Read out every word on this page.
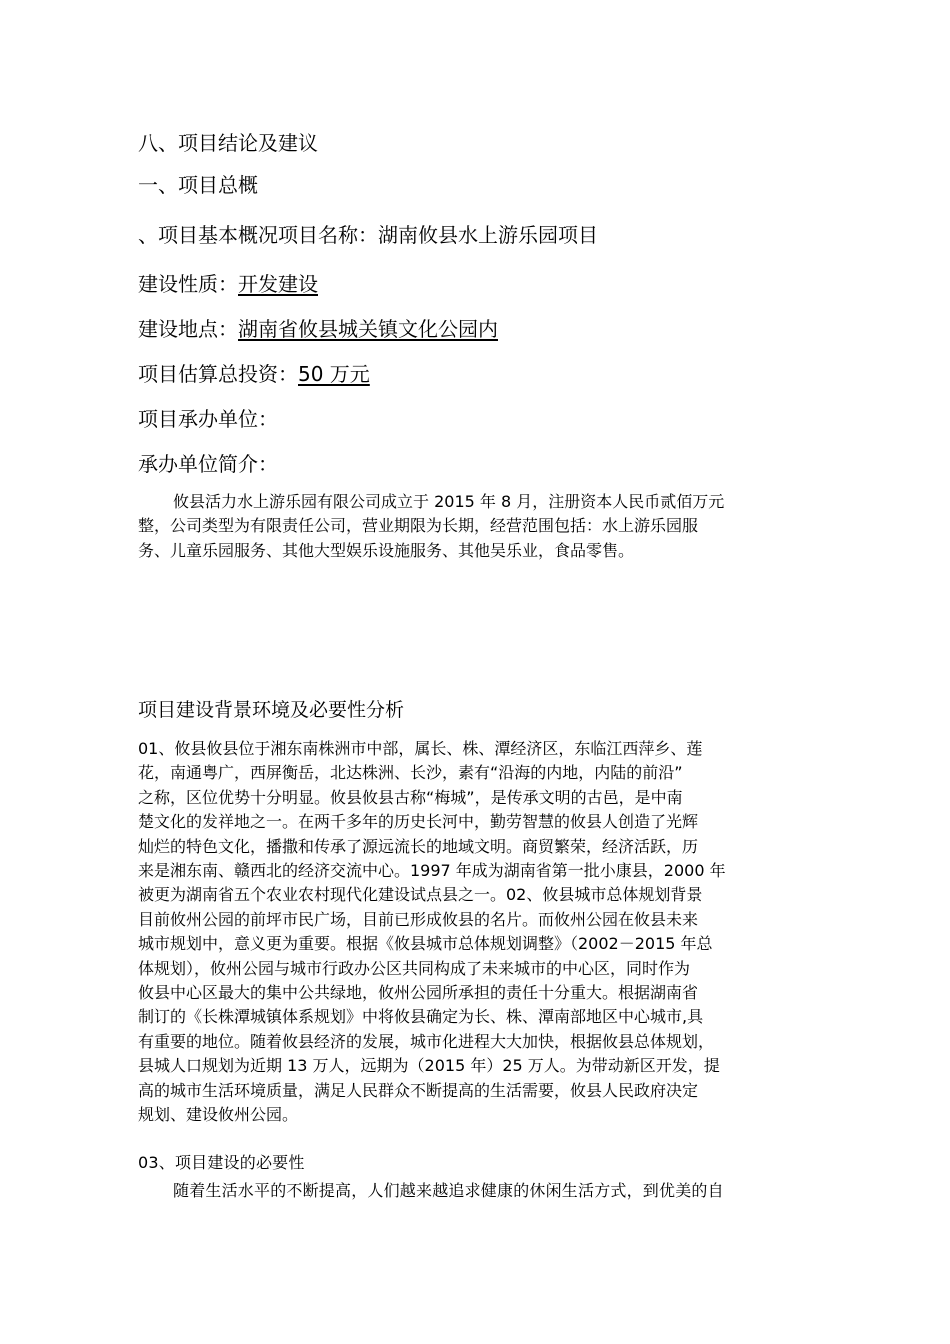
八、项目结论及建议
一、项目总概
、项目基本概况项目名称：湖南攸县水上游乐园项目
建设性质：开发建设
建设地点：湖南省攸县城关镇文化公园内
项目估算总投资：50 万元
项目承办单位：
承办单位简介：
攸县活力水上游乐园有限公司成立于 2015 年 8 月，注册资本人民币贰佰万元
整，公司类型为有限责任公司，营业期限为长期，经营范围包括：水上游乐园服
务、儿童乐园服务、其他大型娱乐设施服务、其他吴乐业，食品零售。
项目建设背景环境及必要性分析
01、攸县攸县位于湘东南株洲市中部，属长、株、潭经济区，东临江西萍乡、莲
花，南通粤广，西屏衡岳，北达株洲、长沙，素有“沿海的内地，内陆的前沿”
之称，区位优势十分明显。攸县攸县古称“梅城”，是传承文明的古邑，是中南
楚文化的发祥地之一。在两千多年的历史长河中，勤劳智慧的攸县人创造了光辉
灿烂的特色文化，播撒和传承了源远流长的地域文明。商贸繁荣，经济活跃，历
来是湘东南、赣西北的经济交流中心。1997 年成为湖南省第一批小康县，2000 年
被更为湖南省五个农业农村现代化建设试点县之一。02、攸县城市总体规划背景
目前攸州公园的前坪市民广场，目前已形成攸县的名片。而攸州公园在攸县未来
城市规划中，意义更为重要。根据《攸县城市总体规划调整》（2002－2015 年总
体规划），攸州公园与城市行政办公区共同构成了未来城市的中心区，同时作为
攸县中心区最大的集中公共绿地，攸州公园所承担的责任十分重大。根据湖南省
制订的《长株潭城镇体系规划》中将攸县确定为长、株、潭南部地区中心城市,具
有重要的地位。随着攸县经济的发展，城市化进程大大加快，根据攸县总体规划，
县城人口规划为近期 13 万人，远期为（2015 年）25 万人。为带动新区开发，提
高的城市生活环境质量，满足人民群众不断提高的生活需要，攸县人民政府决定
规划、建设攸州公园。
03、项目建设的必要性
随着生活水平的不断提高，人们越来越追求健康的休闲生活方式，到优美的自
